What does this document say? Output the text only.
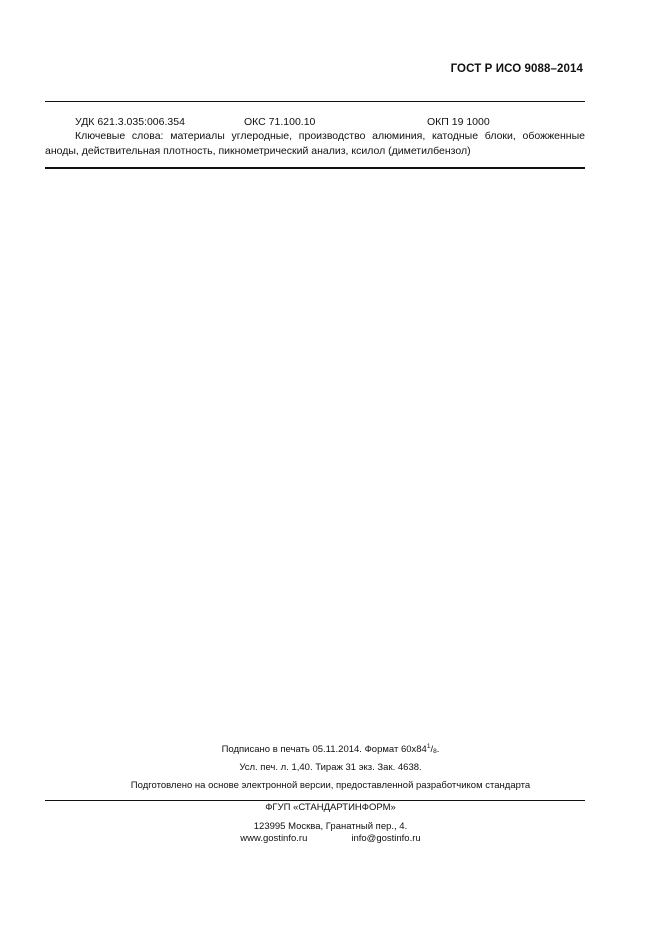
ГОСТ Р ИСО 9088–2014
УДК 621.3.035:006.354	ОКС 71.100.10	ОКП 19 1000
Ключевые слова: материалы углеродные, производство алюминия, катодные блоки, обожженные аноды, действительная плотность, пикнометрический анализ, ксилол (диметилбензол)
Подписано в печать 05.11.2014. Формат $60x84^1/_8$.
Усл. печ. л. 1,40. Тираж 31 экз. Зак. 4638.
Подготовлено на основе электронной версии, предоставленной разработчиком стандарта
ФГУП «СТАНДАРТИНФОРМ»
123995 Москва, Гранатный пер., 4.
www.gostinfo.ru	info@gostinfo.ru
